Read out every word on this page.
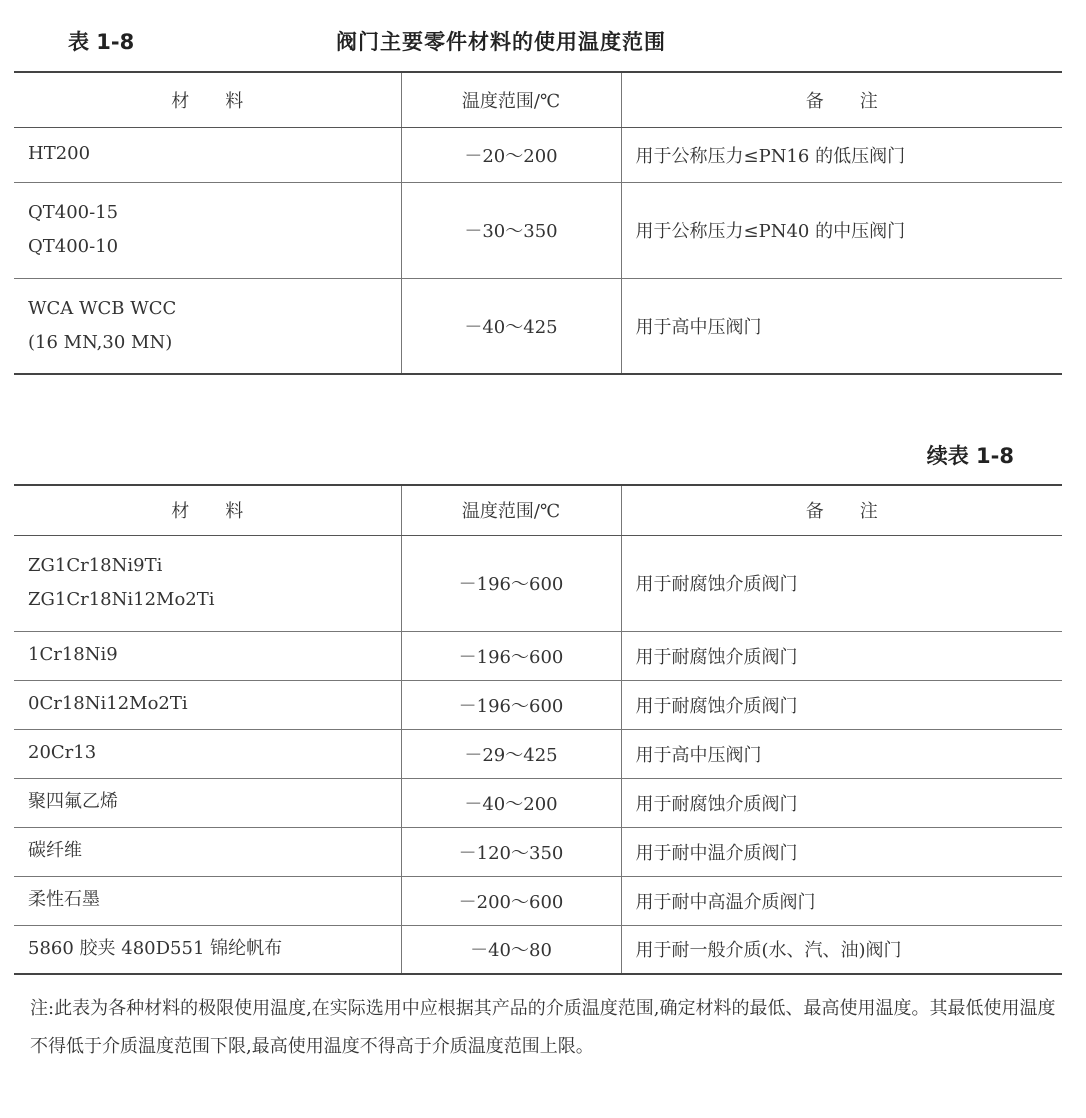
表 1-8	阀门主要零件材料的使用温度范围
材　　料	温度范围/℃	备　　注

HT200	－20～200	用于公称压力≤PN16 的低压阀门

QT400-15
QT400-10	－30～350	用于公称压力≤PN40 的中压阀门

WCA WCB WCC
(16 MN,30 MN)	－40～425	用于高中压阀门
续表 1-8
材　　料	温度范围/℃	备　　注

ZG1Cr18Ni9Ti
ZG1Cr18Ni12Mo2Ti	－196～600	用于耐腐蚀介质阀门

1Cr18Ni9	－196～600	用于耐腐蚀介质阀门

0Cr18Ni12Mo2Ti	－196～600	用于耐腐蚀介质阀门

20Cr13	－29～425	用于高中压阀门

聚四氟乙烯	－40～200	用于耐腐蚀介质阀门

碳纤维	－120～350	用于耐中温介质阀门

柔性石墨	－200～600	用于耐中高温介质阀门

5860 胶夹 480D551 锦纶帆布	－40～80	用于耐一般介质(水、汽、油)阀门
注:此表为各种材料的极限使用温度,在实际选用中应根据其产品的介质温度范围,确定材料的最低、最高使用温度。其最低使用温度不得低于介质温度范围下限,最高使用温度不得高于介质温度范围上限。
